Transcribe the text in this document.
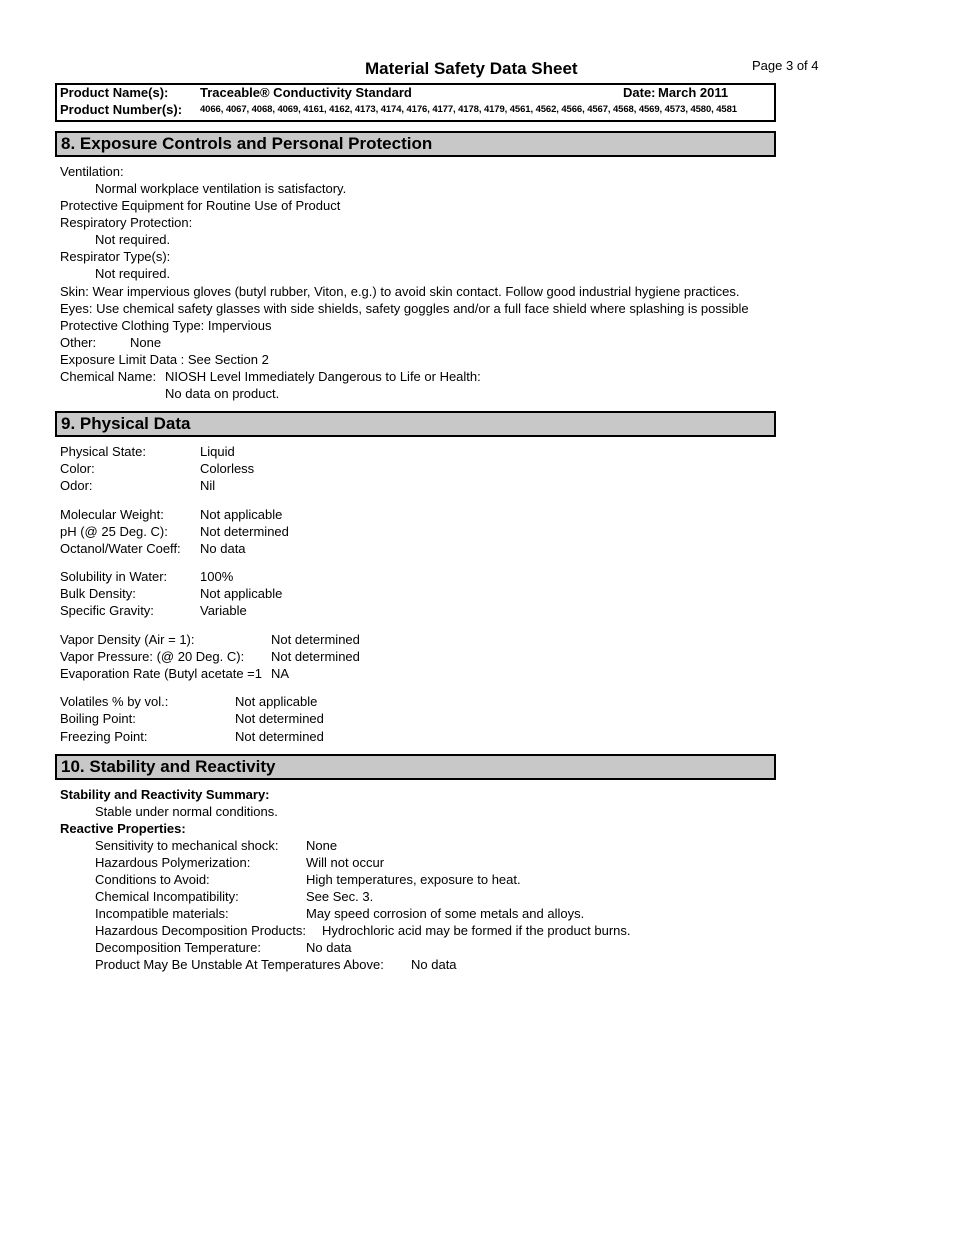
Material Safety Data Sheet	Page 3 of 4
Product Name(s): Traceable® Conductivity Standard	Date: March 2011
Product Number(s): 4066, 4067, 4068, 4069, 4161, 4162, 4173, 4174, 4176, 4177, 4178, 4179, 4561, 4562, 4566, 4567, 4568, 4569, 4573, 4580, 4581
8. Exposure Controls and Personal Protection
Ventilation:
Normal workplace ventilation is satisfactory.
Protective Equipment for Routine Use of Product
Respiratory Protection:
Not required.
Respirator Type(s):
Not required.
Skin: Wear impervious gloves (butyl rubber, Viton, e.g.) to avoid skin contact. Follow good industrial hygiene practices.
Eyes: Use chemical safety glasses with side shields, safety goggles and/or a full face shield where splashing is possible
Protective Clothing Type: Impervious
Other:	None
Exposure Limit Data : See Section 2
Chemical Name: NIOSH Level Immediately Dangerous to Life or Health:
No data on product.
9. Physical Data
Physical State:	Liquid
Color:	Colorless
Odor:	Nil
Molecular Weight:	Not applicable
pH (@ 25 Deg. C): Not determined
Octanol/Water Coeff: No data
Solubility in Water:	100%
Bulk Density:	Not applicable
Specific Gravity:	Variable
Vapor Density (Air = 1):	Not determined
Vapor Pressure: (@ 20 Deg. C): Not determined
Evaporation Rate (Butyl acetate =1 NA
Volatiles % by vol.:	Not applicable
Boiling Point:	Not determined
Freezing Point:	Not determined
10. Stability and Reactivity
Stability and Reactivity Summary:
Stable under normal conditions.
Reactive Properties:
Sensitivity to mechanical shock: None
Hazardous Polymerization:	Will not occur
Conditions to Avoid:	High temperatures, exposure to heat.
Chemical Incompatibility:	See Sec. 3.
Incompatible materials:	May speed corrosion of some metals and alloys.
Hazardous Decomposition Products: Hydrochloric acid may be formed if the product burns.
Decomposition Temperature:	No data
Product May Be Unstable At Temperatures Above: No data
